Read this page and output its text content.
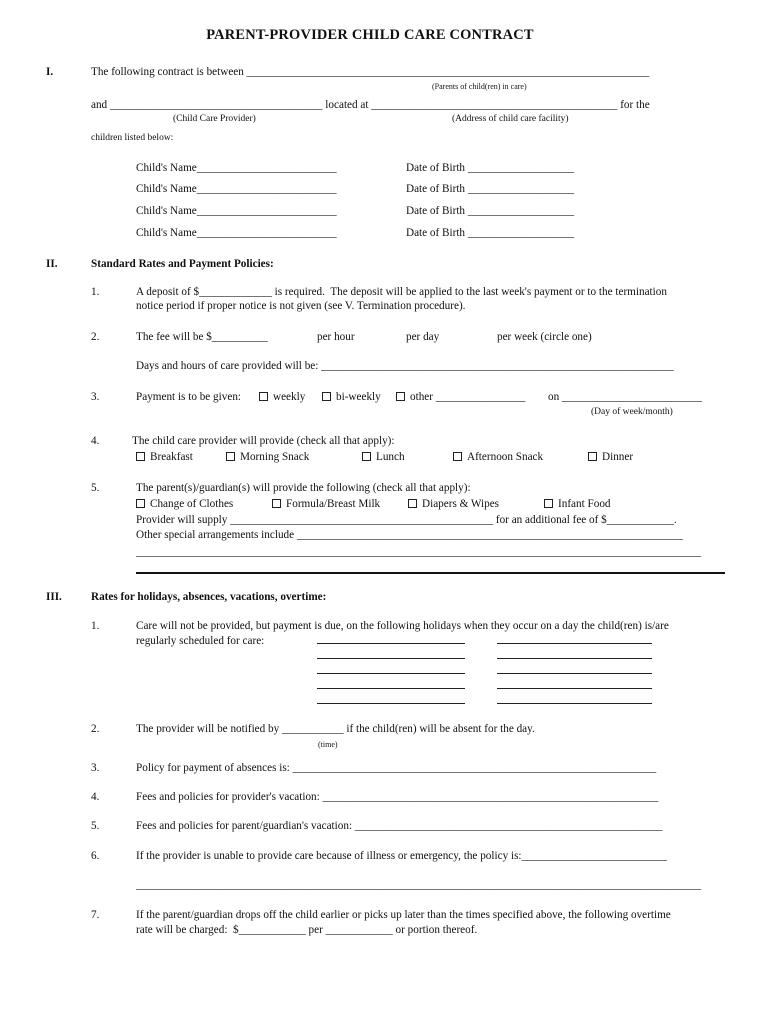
PARENT-PROVIDER CHILD CARE CONTRACT
I.	The following contract is between ________________________________________________________________________
(Parents of child(ren) in care)
and ______________________________________ located at ____________________________________________ for the
(Child Care Provider)	(Address of child care facility)
children listed below:
Child's Name_________________________	Date of Birth ___________________
Child's Name_________________________	Date of Birth ___________________
Child's Name_________________________	Date of Birth ___________________
Child's Name_________________________	Date of Birth ___________________
II.	Standard Rates and Payment Policies:
1.	A deposit of $_____________ is required.  The deposit will be applied to the last week's payment or to the termination
notice period if proper notice is not given (see V. Termination procedure).
2.	The fee will be $__________	per hour	per day	per week (circle one)
Days and hours of care provided will be: _______________________________________________________________
3.	Payment is to be given:	weekly	bi-weekly	other ________________ on _________________________
(Day of week/month)
4.	The child care provider will provide (check all that apply):
Breakfast	Morning Snack	Lunch	Afternoon Snack	Dinner
5.	The parent(s)/guardian(s) will provide the following (check all that apply):
Change of Clothes	Formula/Breast Milk	Diapers & Wipes	Infant Food
Provider will supply _______________________________________________ for an additional fee of $____________.
Other special arrangements include _____________________________________________________________________
_____________________________________________________________________________________________________
III.	Rates for holidays, absences, vacations, overtime:
1.	Care will not be provided, but payment is due, on the following holidays when they occur on a day the child(ren) is/are
regularly scheduled for care:
2.	The provider will be notified by ___________ if the child(ren) will be absent for the day.
(time)
3.	Policy for payment of absences is: _________________________________________________________________
4.	Fees and policies for provider's vacation: ____________________________________________________________
5.	Fees and policies for parent/guardian's vacation: _______________________________________________________
6.	If the provider is unable to provide care because of illness or emergency, the policy is:__________________________
_____________________________________________________________________________________________________
7.	If the parent/guardian drops off the child earlier or picks up later than the times specified above, the following overtime
rate will be charged:  $____________ per ____________ or portion thereof.
